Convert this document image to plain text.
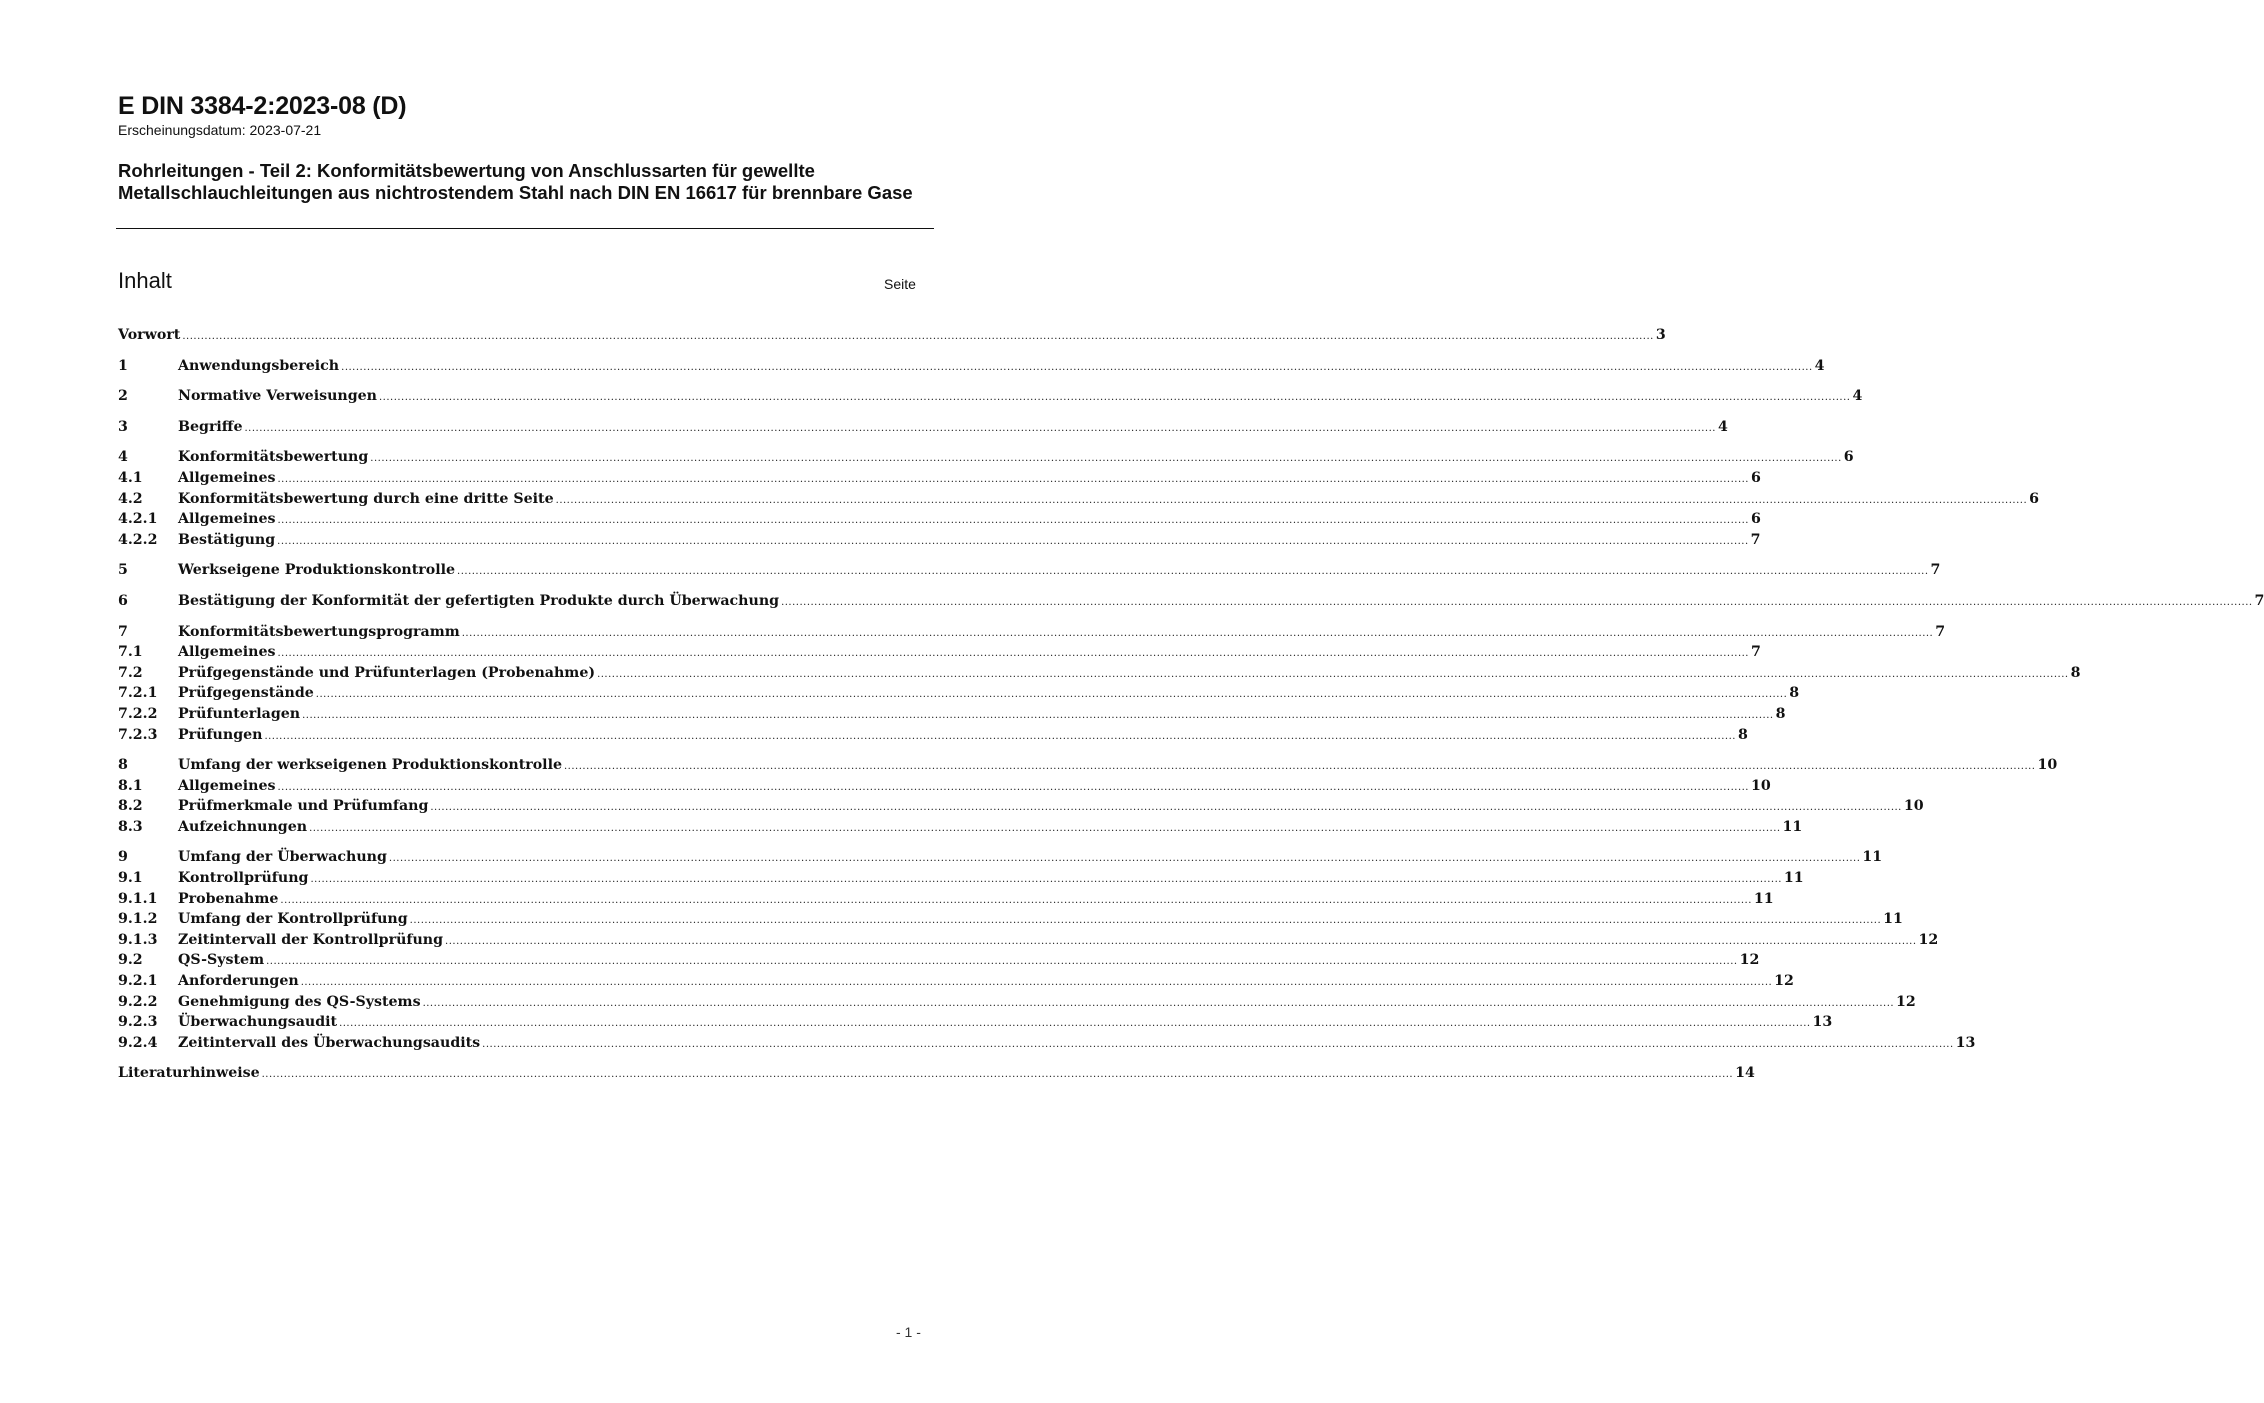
E DIN 3384-2:2023-08 (D)
Erscheinungsdatum: 2023-07-21
Rohrleitungen - Teil 2: Konformitätsbewertung von Anschlussarten für gewellte Metallschlauchleitungen aus nichtrostendem Stahl nach DIN EN 16617 für brennbare Gase
Inhalt	Seite
Vorwort ................................................................................................................................................................................................................................................................................................................................................................................................................ 3
1	Anwendungsbereich ................................................................................................................................................................................................................................................................................................................................................................................................................ 4
2	Normative Verweisungen ................................................................................................................................................................................................................................................................................................................................................................................................................ 4
3	Begriffe ................................................................................................................................................................................................................................................................................................................................................................................................................ 4
4	Konformitätsbewertung ................................................................................................................................................................................................................................................................................................................................................................................................................ 6
4.1	Allgemeines ................................................................................................................................................................................................................................................................................................................................................................................................................ 6
4.2	Konformitätsbewertung durch eine dritte Seite ................................................................................................................................................................................................................................................................................................................................................................................................................ 6
4.2.1	Allgemeines ................................................................................................................................................................................................................................................................................................................................................................................................................ 6
4.2.2	Bestätigung ................................................................................................................................................................................................................................................................................................................................................................................................................ 7
5	Werkseigene Produktionskontrolle ................................................................................................................................................................................................................................................................................................................................................................................................................ 7
6	Bestätigung der Konformität der gefertigten Produkte durch Überwachung ................................................................................................................................................................................................................................................................................................................................................................................................................ 7
7	Konformitätsbewertungsprogramm ................................................................................................................................................................................................................................................................................................................................................................................................................ 7
7.1	Allgemeines ................................................................................................................................................................................................................................................................................................................................................................................................................ 7
7.2	Prüfgegenstände und Prüfunterlagen (Probenahme) ................................................................................................................................................................................................................................................................................................................................................................................................................ 8
7.2.1	Prüfgegenstände ................................................................................................................................................................................................................................................................................................................................................................................................................ 8
7.2.2	Prüfunterlagen ................................................................................................................................................................................................................................................................................................................................................................................................................ 8
7.2.3	Prüfungen ................................................................................................................................................................................................................................................................................................................................................................................................................ 8
8	Umfang der werkseigenen Produktionskontrolle ................................................................................................................................................................................................................................................................................................................................................................................................................ 10
8.1	Allgemeines ................................................................................................................................................................................................................................................................................................................................................................................................................ 10
8.2	Prüfmerkmale und Prüfumfang ................................................................................................................................................................................................................................................................................................................................................................................................................ 10
8.3	Aufzeichnungen ................................................................................................................................................................................................................................................................................................................................................................................................................ 11
9	Umfang der Überwachung ................................................................................................................................................................................................................................................................................................................................................................................................................ 11
9.1	Kontrollprüfung ................................................................................................................................................................................................................................................................................................................................................................................................................ 11
9.1.1	Probenahme ................................................................................................................................................................................................................................................................................................................................................................................................................ 11
9.1.2	Umfang der Kontrollprüfung ................................................................................................................................................................................................................................................................................................................................................................................................................ 11
9.1.3	Zeitintervall der Kontrollprüfung ................................................................................................................................................................................................................................................................................................................................................................................................................ 12
9.2	QS-System ................................................................................................................................................................................................................................................................................................................................................................................................................ 12
9.2.1	Anforderungen ................................................................................................................................................................................................................................................................................................................................................................................................................ 12
9.2.2	Genehmigung des QS-Systems ................................................................................................................................................................................................................................................................................................................................................................................................................ 12
9.2.3	Überwachungsaudit ................................................................................................................................................................................................................................................................................................................................................................................................................ 13
9.2.4	Zeitintervall des Überwachungsaudits ................................................................................................................................................................................................................................................................................................................................................................................................................ 13
Literaturhinweise ................................................................................................................................................................................................................................................................................................................................................................................................................ 14
- 1 -
